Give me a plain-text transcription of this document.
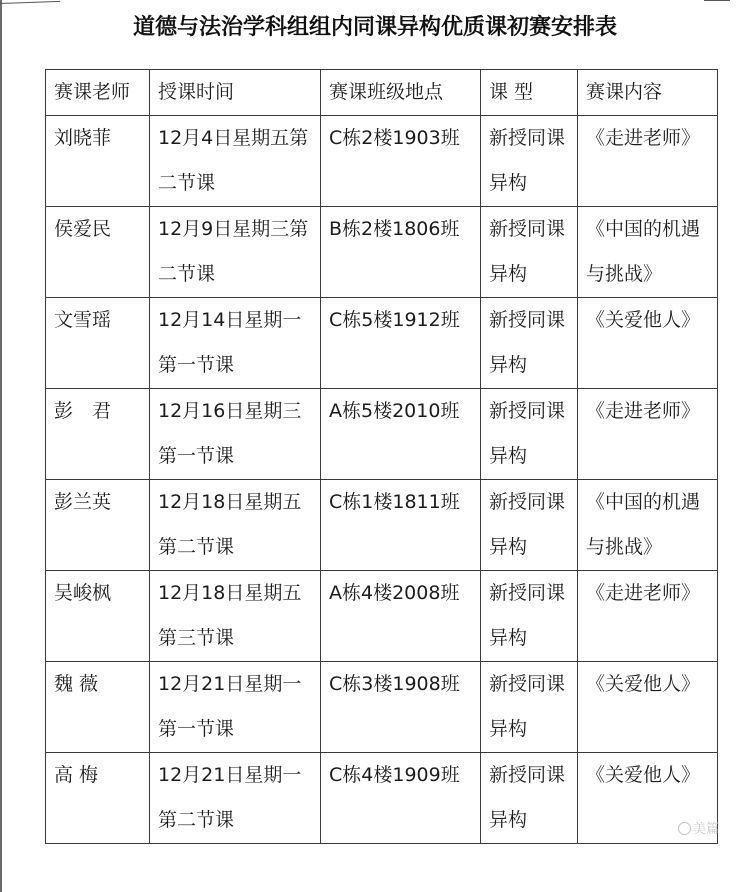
道德与法治学科组组内同课异构优质课初赛安排表
赛课老师	授课时间	赛课班级地点	课 型	赛课内容

刘晓菲	12月4日星期五第二节课	C栋2楼1903班	新授同课异构	《走进老师》

侯爱民	12月9日星期三第二节课	B栋2楼1806班	新授同课异构	《中国的机遇与挑战》

文雪瑶	12月14日星期一第一节课	C栋5楼1912班	新授同课异构	《关爱他人》

彭　君	12月16日星期三第一节课	A栋5楼2010班	新授同课异构	《走进老师》

彭兰英	12月18日星期五第二节课	C栋1楼1811班	新授同课异构	《中国的机遇与挑战》

吴峻枫	12月18日星期五第三节课	A栋4楼2008班	新授同课异构	《走进老师》

魏 薇	12月21日星期一第一节课	C栋3楼1908班	新授同课异构	《关爱他人》

高 梅	12月21日星期一第二节课	C栋4楼1909班	新授同课异构	《关爱他人》
美篇
